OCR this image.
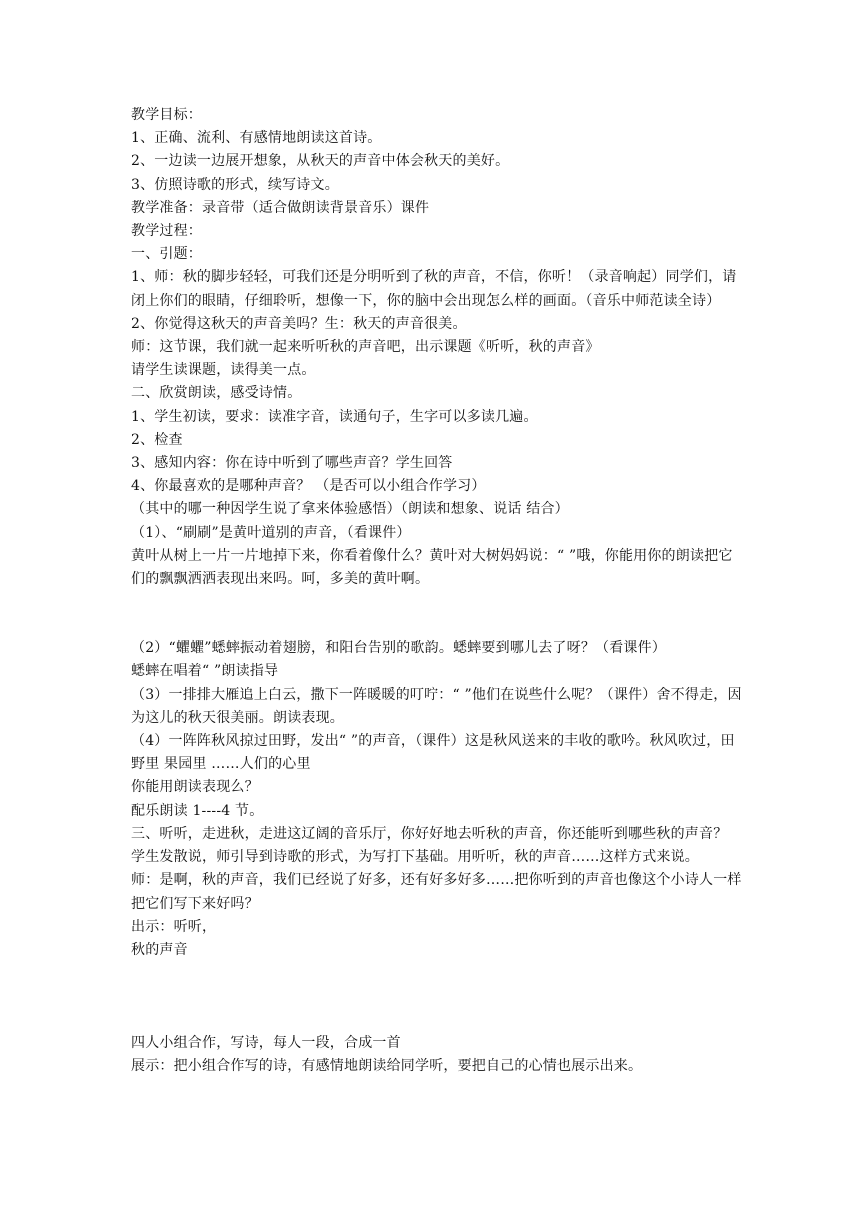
教学目标：
1、正确、流利、有感情地朗读这首诗。
2、一边读一边展开想象，从秋天的声音中体会秋天的美好。
3、仿照诗歌的形式，续写诗文。
教学准备：录音带（适合做朗读背景音乐）课件
教学过程：
一、引题：
1、师：秋的脚步轻轻，可我们还是分明听到了秋的声音，不信，你听！（录音响起）同学们，请闭上你们的眼睛，仔细聆听，想像一下，你的脑中会出现怎么样的画面。（音乐中师范读全诗）
2、你觉得这秋天的声音美吗？生：秋天的声音很美。
师：这节课，我们就一起来听听秋的声音吧，出示课题《听听，秋的声音》
请学生读课题，读得美一点。
二、欣赏朗读，感受诗情。
1、学生初读，要求：读准字音，读通句子，生字可以多读几遍。
2、检查
3、感知内容：你在诗中听到了哪些声音？学生回答
4、你最喜欢的是哪种声音？ （是否可以小组合作学习）
（其中的哪一种因学生说了拿来体验感悟）（朗读和想象、说话 结合）
（1）、“刷刷”是黄叶道别的声音，（看课件）
黄叶从树上一片一片地掉下来，你看着像什么？黄叶对大树妈妈说：“ ”哦，你能用你的朗读把它们的飘飘洒洒表现出来吗。呵，多美的黄叶啊。
（2）“蠷蠷”蟋蟀振动着翅膀，和阳台告别的歌韵。蟋蟀要到哪儿去了呀？（看课件）
蟋蟀在唱着“ ”朗读指导
（3）一排排大雁追上白云，撒下一阵暖暖的叮咛：“ ”他们在说些什么呢？（课件）舍不得走，因为这儿的秋天很美丽。朗读表现。
（4）一阵阵秋风掠过田野，发出“ ”的声音，（课件）这是秋风送来的丰收的歌吟。秋风吹过，田野里 果园里 ……人们的心里
你能用朗读表现么？
配乐朗读 1----4 节。
三、听听，走进秋，走进这辽阔的音乐厅，你好好地去听秋的声音，你还能听到哪些秋的声音？
学生发散说，师引导到诗歌的形式，为写打下基础。用听听，秋的声音……这样方式来说。
师：是啊，秋的声音，我们已经说了好多，还有好多好多……把你听到的声音也像这个小诗人一样把它们写下来好吗？
出示：听听，
秋的声音
四人小组合作，写诗，每人一段，合成一首
展示：把小组合作写的诗，有感情地朗读给同学听，要把自己的心情也展示出来。
